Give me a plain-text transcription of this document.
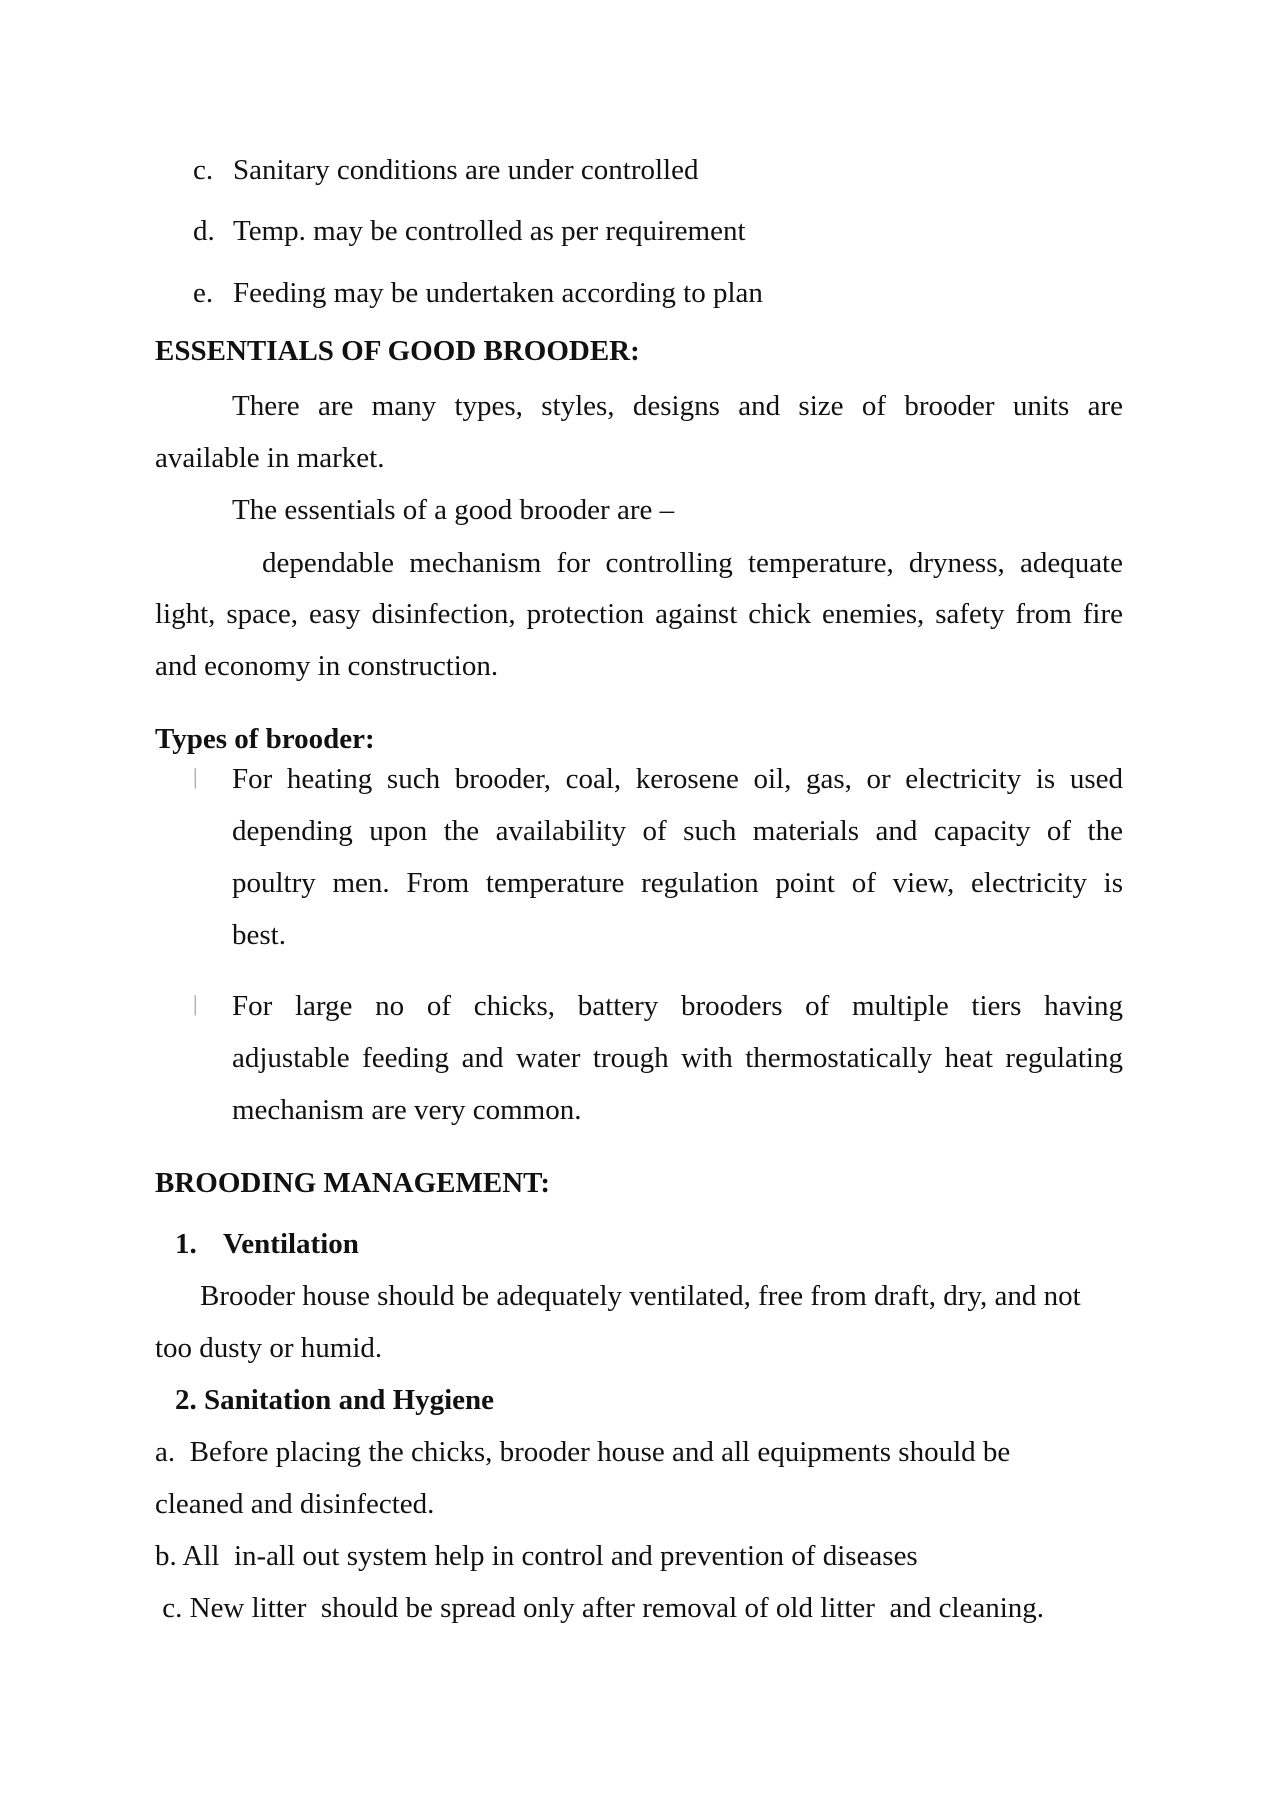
c. Sanitary conditions are under controlled
d. Temp. may be controlled as per requirement
e. Feeding may be undertaken according to plan
ESSENTIALS OF GOOD BROODER:
There are many types, styles, designs and size of brooder units are
available in market.
The essentials of a good brooder are –
dependable mechanism for controlling temperature, dryness, adequate
light, space, easy disinfection, protection against chick enemies, safety from fire
and economy in construction.
Types of brooder:
| For heating such brooder, coal, kerosene oil, gas, or electricity is used
depending upon the availability of such materials and capacity of the
poultry men. From temperature regulation point of view, electricity is
best.
| For large no of chicks, battery brooders of multiple tiers having
adjustable feeding and water trough with thermostatically heat regulating
mechanism are very common.
BROODING MANAGEMENT:
1. Ventilation
Brooder house should be adequately ventilated, free from draft, dry, and not
too dusty or humid.
2. Sanitation and Hygiene
a.  Before placing the chicks, brooder house and all equipments should be
cleaned and disinfected.
b. All  in-all out system help in control and prevention of diseases
c. New litter  should be spread only after removal of old litter  and cleaning.
